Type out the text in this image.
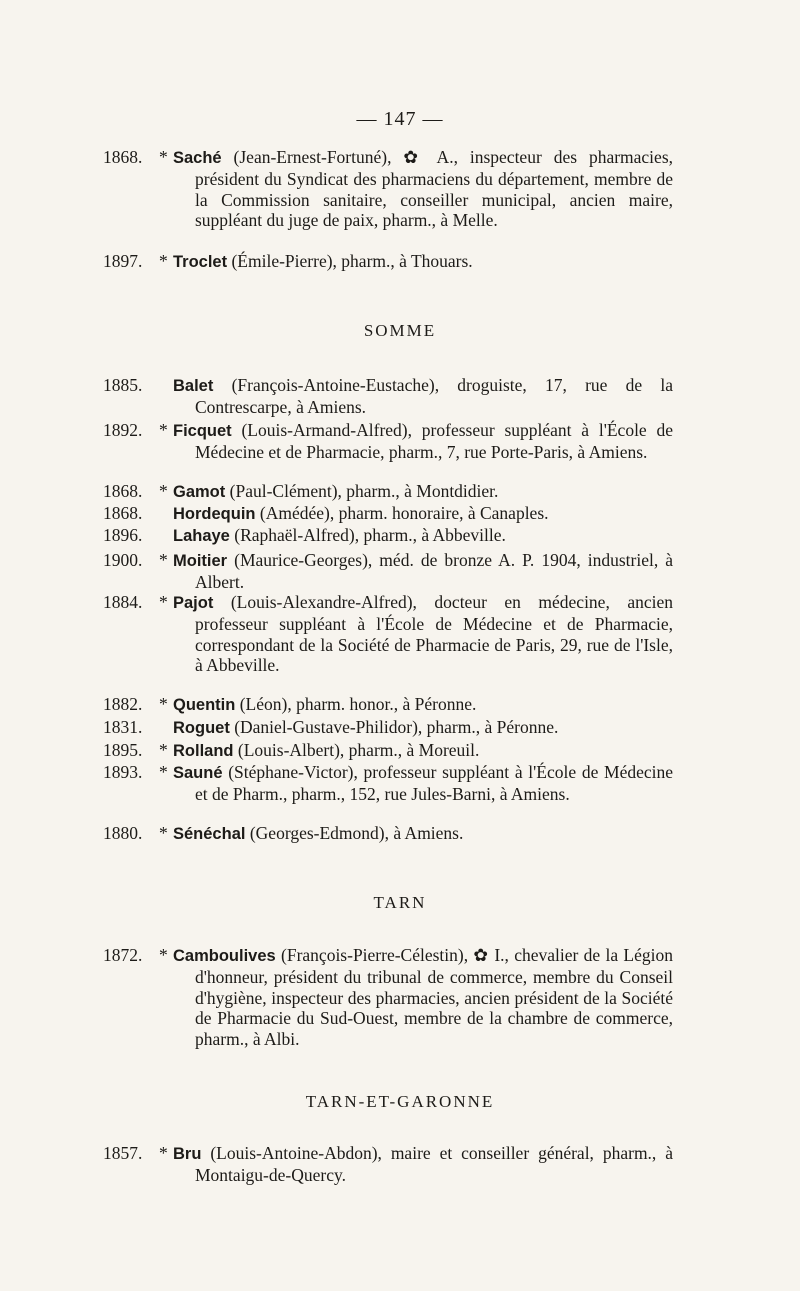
— 147 —
1868. * Saché (Jean-Ernest-Fortuné), ✿ A., inspecteur des pharmacies, président du Syndicat des pharmaciens du département, membre de la Commission sanitaire, conseiller municipal, ancien maire, suppléant du juge de paix, pharm., à Melle.
1897. * Troclet (Émile-Pierre), pharm., à Thouars.
SOMME
1885.	Balet (François-Antoine-Eustache), droguiste, 17, rue de la Contrescarpe, à Amiens.
1892. * Ficquet (Louis-Armand-Alfred), professeur suppléant à l'École de Médecine et de Pharmacie, pharm., 7, rue Porte-Paris, à Amiens.
1868. * Gamot (Paul-Clément), pharm., à Montdidier.
1868.	Hordequin (Amédée), pharm. honoraire, à Canaples.
1896.	Lahaye (Raphaël-Alfred), pharm., à Abbeville.
1900. * Moitier (Maurice-Georges), méd. de bronze A. P. 1904, industriel, à Albert.
1884. * Pajot (Louis-Alexandre-Alfred), docteur en médecine, ancien professeur suppléant à l'École de Médecine et de Pharmacie, correspondant de la Société de Pharmacie de Paris, 29, rue de l'Isle, à Abbeville.
1882. * Quentin (Léon), pharm. honor., à Péronne.
1831.	Roguet (Daniel-Gustave-Philidor), pharm., à Péronne.
1895. * Rolland (Louis-Albert), pharm., à Moreuil.
1893. * Sauné (Stéphane-Victor), professeur suppléant à l'École de Médecine et de Pharm., pharm., 152, rue Jules-Barni, à Amiens.
1880. * Sénéchal (Georges-Edmond), à Amiens.
TARN
1872. * Camboulives (François-Pierre-Célestin), ✿ I., chevalier de la Légion d'honneur, président du tribunal de commerce, membre du Conseil d'hygiène, inspecteur des pharmacies, ancien président de la Société de Pharmacie du Sud-Ouest, membre de la chambre de commerce, pharm., à Albi.
TARN-ET-GARONNE
1857. * Bru (Louis-Antoine-Abdon), maire et conseiller général, pharm., à Montaigu-de-Quercy.
